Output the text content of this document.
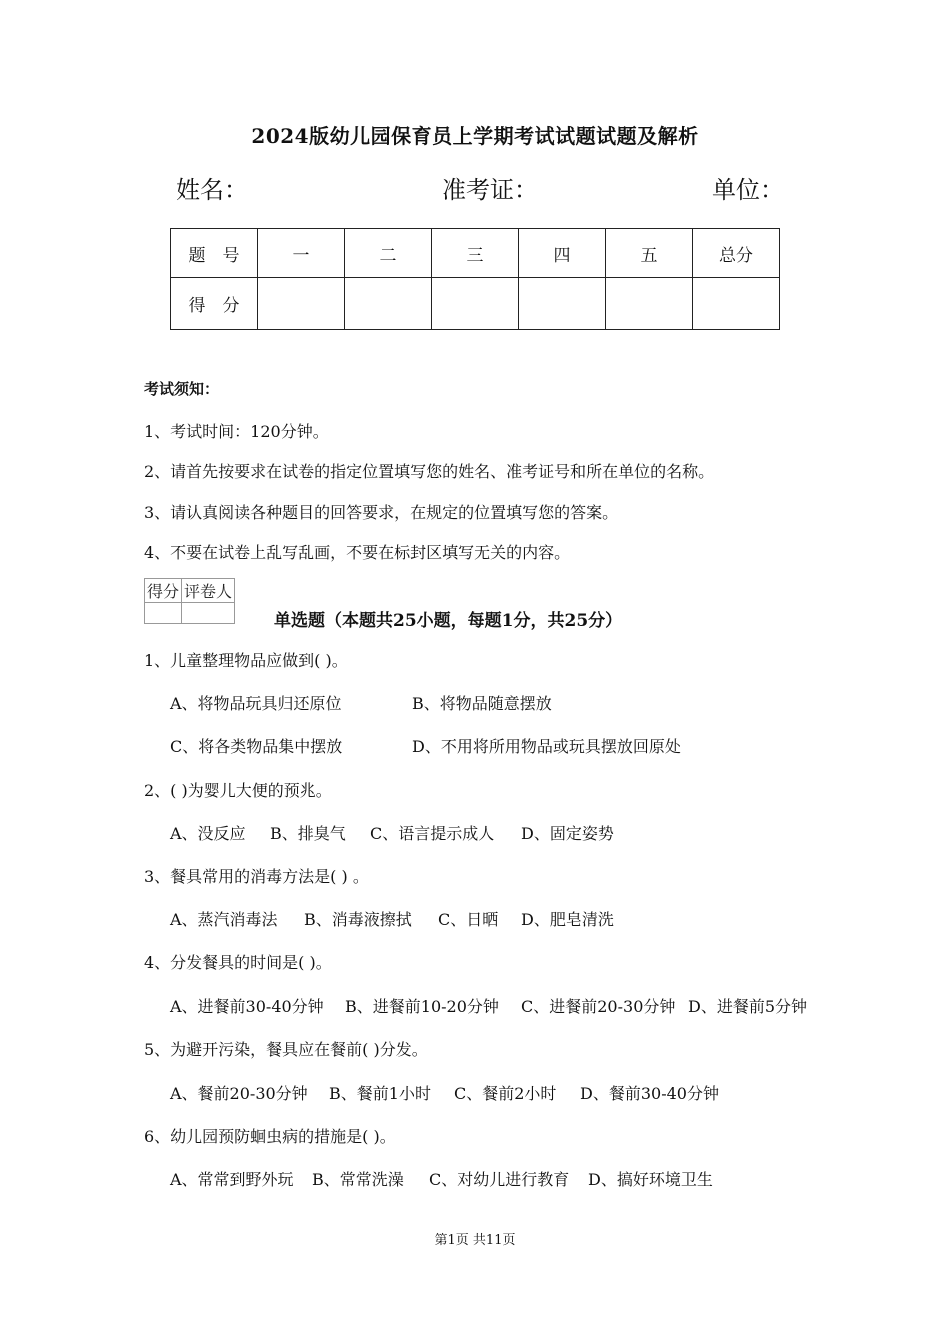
2024版幼儿园保育员上学期考试试题试题及解析
姓名：	准考证：	单位：
题　号	一	二	三	四	五	总分
得　分						
考试须知：
1、考试时间：120分钟。
2、请首先按要求在试卷的指定位置填写您的姓名、准考证号和所在单位的名称。
3、请认真阅读各种题目的回答要求，在规定的位置填写您的答案。
4、不要在试卷上乱写乱画，不要在标封区填写无关的内容。
得分	评卷人

单选题（本题共25小题，每题1分，共25分）
1、儿童整理物品应做到( )。
A、将物品玩具归还原位	B、将物品随意摆放
C、将各类物品集中摆放	D、不用将所用物品或玩具摆放回原处
2、( )为婴儿大便的预兆。
A、没反应 B、排臭气 C、语言提示成人 D、固定姿势
3、餐具常用的消毒方法是( ) 。
A、蒸汽消毒法 B、消毒液擦拭 C、日晒 D、肥皂清洗
4、分发餐具的时间是( )。
A、进餐前30-40分钟 B、进餐前10-20分钟 C、进餐前20-30分钟 D、进餐前5分钟
5、为避开污染，餐具应在餐前( )分发。
A、餐前20-30分钟 B、餐前1小时 C、餐前2小时 D、餐前30-40分钟
6、幼儿园预防蛔虫病的措施是( )。
A、常常到野外玩 B、常常洗澡 C、对幼儿进行教育 D、搞好环境卫生
第1页 共11页
